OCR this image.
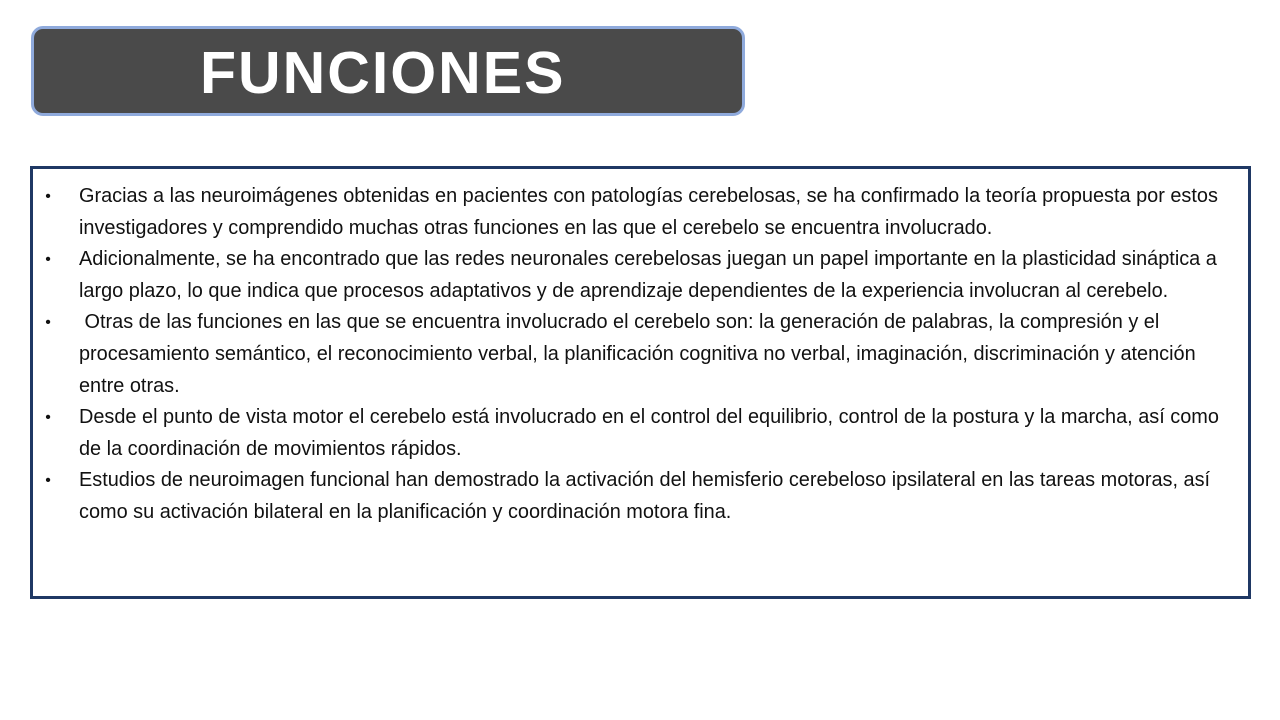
FUNCIONES
• Gracias a las neuroimágenes obtenidas en pacientes con patologías cerebelosas, se ha confirmado la teoría propuesta por estos investigadores y comprendido muchas otras funciones en las que el cerebelo se encuentra involucrado.
• Adicionalmente, se ha encontrado que las redes neuronales cerebelosas juegan un papel importante en la plasticidad sináptica a largo plazo, lo que indica que procesos adaptativos y de aprendizaje dependientes de la experiencia involucran al cerebelo.
• Otras de las funciones en las que se encuentra involucrado el cerebelo son: la generación de palabras, la compresión y el procesamiento semántico, el reconocimiento verbal, la planificación cognitiva no verbal, imaginación, discriminación y atención entre otras.
• Desde el punto de vista motor el cerebelo está involucrado en el control del equilibrio, control de la postura y la marcha, así como de la coordinación de movimientos rápidos.
• Estudios de neuroimagen funcional han demostrado la activación del hemisferio cerebeloso ipsilateral en las tareas motoras, así como su activación bilateral en la planificación y coordinación motora fina.
